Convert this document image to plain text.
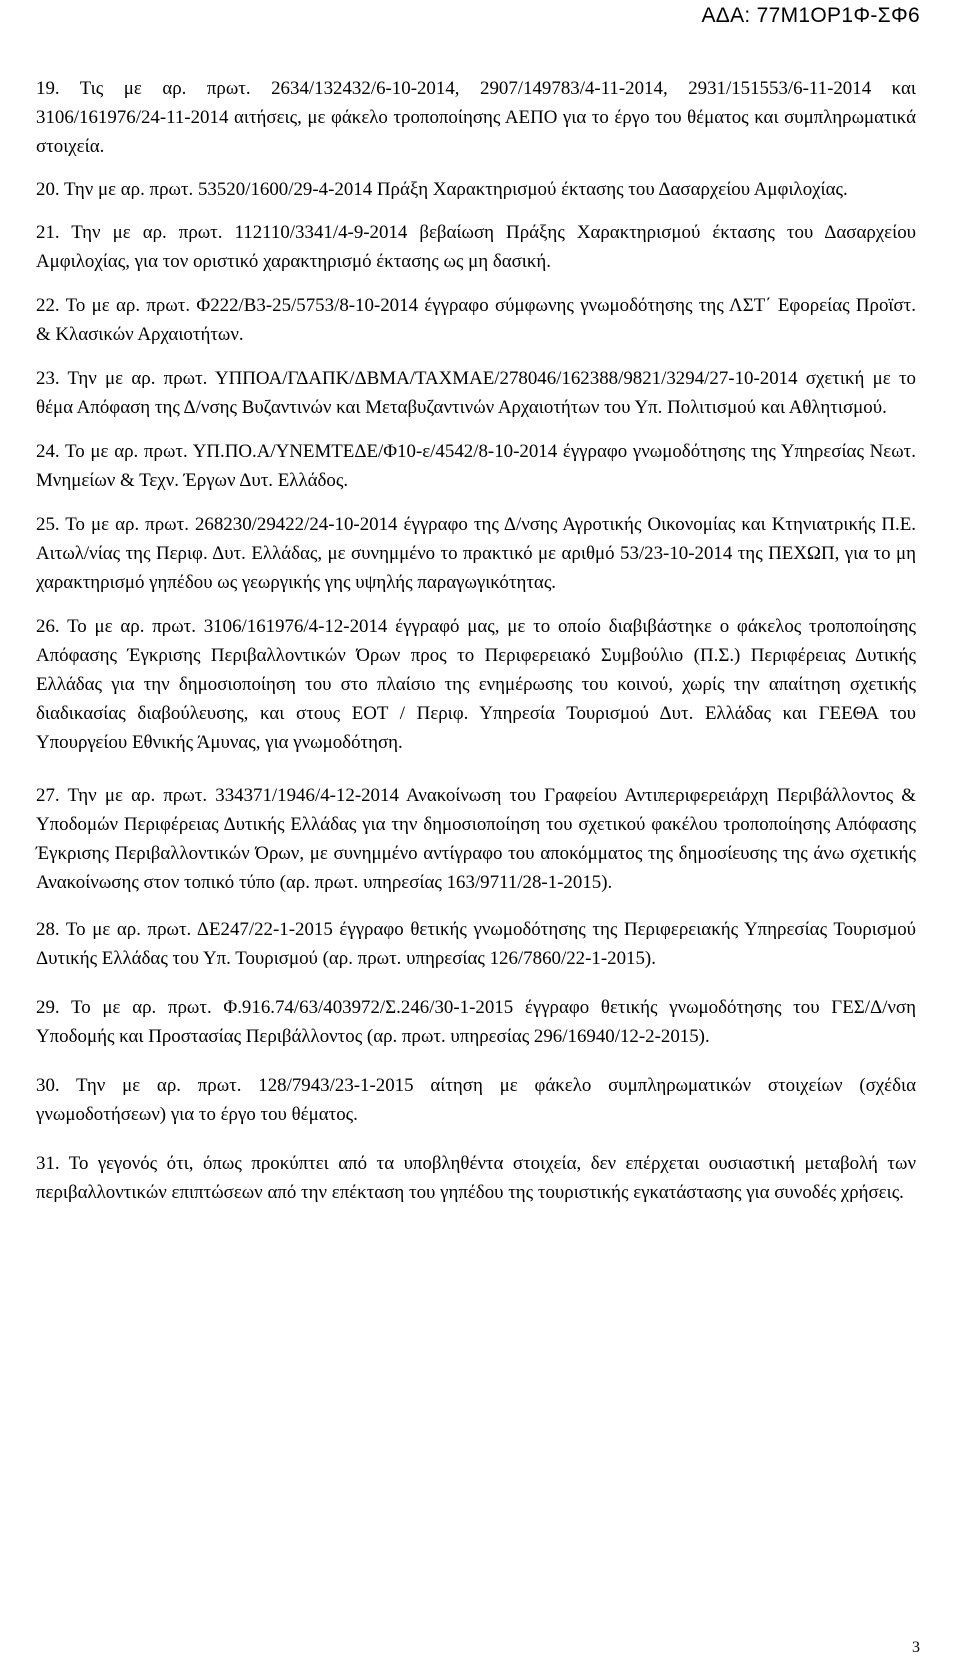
ΑΔΑ: 77Μ1ΟΡ1Φ-ΣΦ6

19. Τις με αρ. πρωτ. 2634/132432/6-10-2014, 2907/149783/4-11-2014, 2931/151553/6-11-2014 και 3106/161976/24-11-2014 αιτήσεις, με φάκελο τροποποίησης ΑΕΠΟ για το έργο του θέματος και συμπληρωματικά στοιχεία.

20. Την με αρ. πρωτ. 53520/1600/29-4-2014 Πράξη Χαρακτηρισμού έκτασης του Δασαρχείου Αμφιλοχίας.

21. Την με αρ. πρωτ. 112110/3341/4-9-2014 βεβαίωση Πράξης Χαρακτηρισμού έκτασης του Δασαρχείου Αμφιλοχίας, για τον οριστικό χαρακτηρισμό έκτασης ως μη δασική.

22. Το με αρ. πρωτ. Φ222/Β3-25/5753/8-10-2014 έγγραφο σύμφωνης γνωμοδότησης της ΛΣΤ΄ Εφορείας Προϊστ. & Κλασικών Αρχαιοτήτων.

23. Την με αρ. πρωτ. ΥΠΠΟΑ/ΓΔΑΠΚ/ΔΒΜΑ/ΤΑΧΜΑΕ/278046/162388/9821/3294/27-10-2014 σχετική με το θέμα Απόφαση της Δ/νσης Βυζαντινών και Μεταβυζαντινών Αρχαιοτήτων του Υπ. Πολιτισμού και Αθλητισμού.

24. Το με αρ. πρωτ. ΥΠ.ΠΟ.Α/ΥΝΕΜΤΕΔΕ/Φ10-ε/4542/8-10-2014 έγγραφο γνωμοδότησης της Υπηρεσίας Νεωτ. Μνημείων & Τεχν. Έργων Δυτ. Ελλάδος.

25. Το με αρ. πρωτ. 268230/29422/24-10-2014 έγγραφο της Δ/νσης Αγροτικής Οικονομίας και Κτηνιατρικής Π.Ε. Αιτωλ/νίας της Περιφ. Δυτ. Ελλάδας, με συνημμένο το πρακτικό με αριθμό 53/23-10-2014 της ΠΕΧΩΠ, για το μη χαρακτηρισμό γηπέδου ως γεωργικής γης υψηλής παραγωγικότητας.

26. Το με αρ. πρωτ. 3106/161976/4-12-2014 έγγραφό μας, με το οποίο διαβιβάστηκε ο φάκελος τροποποίησης Απόφασης Έγκρισης Περιβαλλοντικών Όρων προς το Περιφερειακό Συμβούλιο (Π.Σ.) Περιφέρειας Δυτικής Ελλάδας για την δημοσιοποίηση του στο πλαίσιο της ενημέρωσης του κοινού, χωρίς την απαίτηση σχετικής διαδικασίας διαβούλευσης, και στους ΕΟΤ / Περιφ. Υπηρεσία Τουρισμού Δυτ. Ελλάδας και ΓΕΕΘΑ του Υπουργείου Εθνικής Άμυνας, για γνωμοδότηση.

27. Την με αρ. πρωτ. 334371/1946/4-12-2014 Ανακοίνωση του Γραφείου Αντιπεριφερειάρχη Περιβάλλοντος & Υποδομών Περιφέρειας Δυτικής Ελλάδας για την δημοσιοποίηση του σχετικού φακέλου τροποποίησης Απόφασης Έγκρισης Περιβαλλοντικών Όρων, με συνημμένο αντίγραφο του αποκόμματος της δημοσίευσης της άνω σχετικής Ανακοίνωσης στον τοπικό τύπο (αρ. πρωτ. υπηρεσίας 163/9711/28-1-2015).

28. Το με αρ. πρωτ. ΔΕ247/22-1-2015 έγγραφο θετικής γνωμοδότησης της Περιφερειακής Υπηρεσίας Τουρισμού Δυτικής Ελλάδας του Υπ. Τουρισμού (αρ. πρωτ. υπηρεσίας 126/7860/22-1-2015).

29. Το με αρ. πρωτ. Φ.916.74/63/403972/Σ.246/30-1-2015 έγγραφο θετικής γνωμοδότησης του ΓΕΣ/Δ/νση Υποδομής και Προστασίας Περιβάλλοντος (αρ. πρωτ. υπηρεσίας 296/16940/12-2-2015).

30. Την με αρ. πρωτ. 128/7943/23-1-2015 αίτηση με φάκελο συμπληρωματικών στοιχείων (σχέδια γνωμοδοτήσεων) για το έργο του θέματος.

31. Το γεγονός ότι, όπως προκύπτει από τα υποβληθέντα στοιχεία, δεν επέρχεται ουσιαστική μεταβολή των περιβαλλοντικών επιπτώσεων από την επέκταση του γηπέδου της τουριστικής εγκατάστασης για συνοδές χρήσεις.

3
